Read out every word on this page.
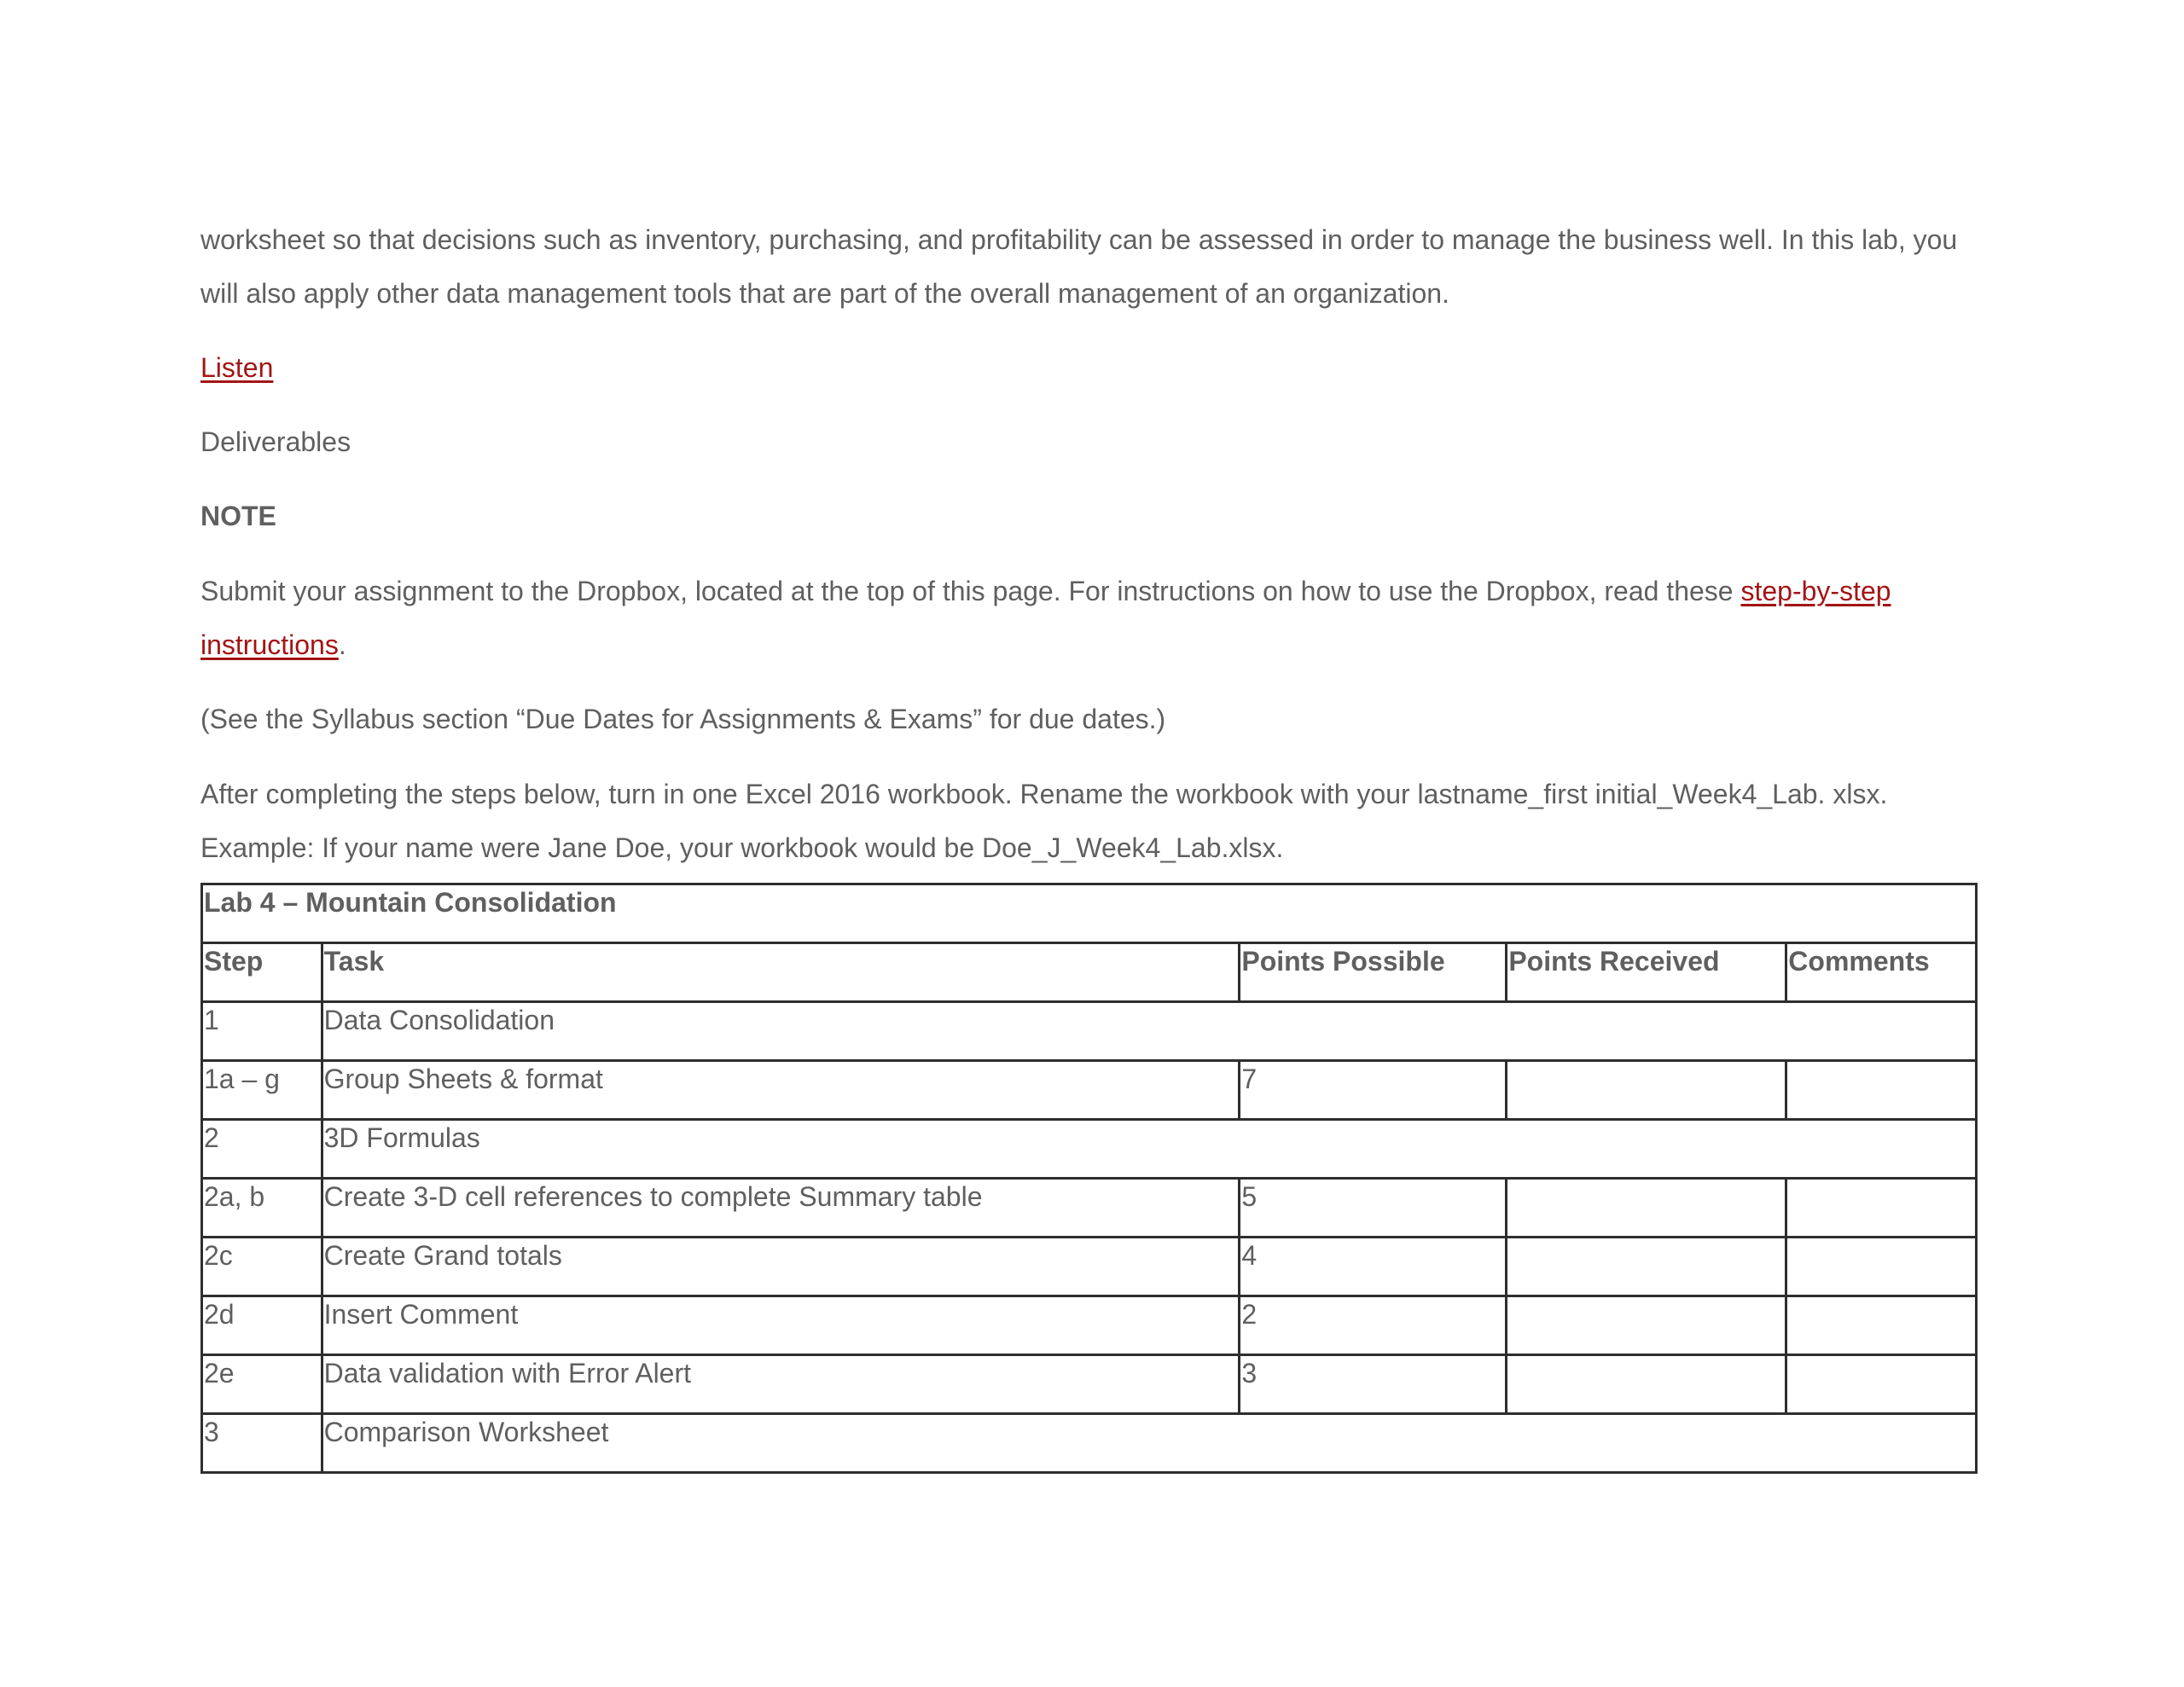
worksheet so that decisions such as inventory, purchasing, and profitability can be assessed in order to manage the business well. In this lab, you

will also apply other data management tools that are part of the overall management of an organization.

Listen

Deliverables

NOTE

Submit your assignment to the Dropbox, located at the top of this page. For instructions on how to use the Dropbox, read these step-by-step

instructions.

(See the Syllabus section “Due Dates for Assignments & Exams” for due dates.)

After completing the steps below, turn in one Excel 2016 workbook. Rename the workbook with your lastname_first initial_Week4_Lab. xlsx.

Example: If your name were Jane Doe, your workbook would be Doe_J_Week4_Lab.xlsx.

Lab 4 – Mountain Consolidation				
Step	Task	Points Possible	Points Received	Comments
1	Data Consolidation			
1a – g	Group Sheets & format	7		
2	3D Formulas			
2a, b	Create 3-D cell references to complete Summary table	5		
2c	Create Grand totals	4		
2d	Insert Comment	2		
2e	Data validation with Error Alert	3		
3	Comparison Worksheet			
